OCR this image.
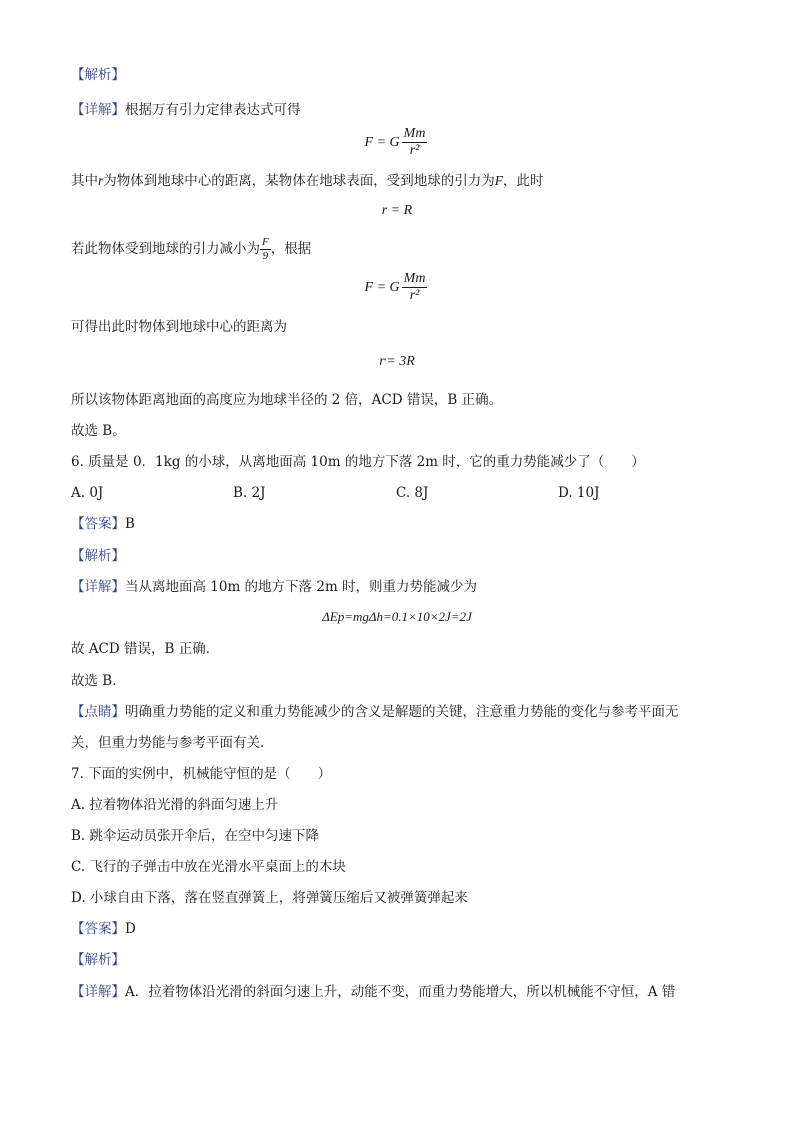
【解析】
【详解】根据万有引力定律表达式可得
F = G $\frac{Mm}{\text{r²}}$
其中r为物体到地球中心的距离，某物体在地球表面，受到地球的引力为F，此时
r = R
若此物体受到地球的引力减小为 $\frac{F}{9}$ ，根据
F = G $\frac{Mm}{\text{r²}}$
可得出此时物体到地球中心的距离为
r ' = 3R
所以该物体距离地面的高度应为地球半径的 2 倍，ACD 错误，B 正确。
故选 B。
6. 质量是 0．1kg 的小球，从离地面高 10m 的地方下落 2m 时，它的重力势能减少了（　　）
A. 0J	B. 2J	C. 8J	D. 10J
【答案】B
【解析】
【详解】当从离地面高 10m 的地方下落 2m 时，则重力势能减少为
ΔEp=mgΔh=0.1×10×2J=2J
故 ACD 错误，B 正确．
故选 B．
【点睛】明确重力势能的定义和重力势能减少的含义是解题的关键，注意重力势能的变化与参考平面无
关，但重力势能与参考平面有关．
7. 下面的实例中，机械能守恒的是（　　）
A. 拉着物体沿光滑的斜面匀速上升
B. 跳伞运动员张开伞后，在空中匀速下降
C. 飞行的子弹击中放在光滑水平桌面上的木块
D. 小球自由下落，落在竖直弹簧上，将弹簧压缩后又被弹簧弹起来
【答案】D
【解析】
【详解】A．拉着物体沿光滑的斜面匀速上升，动能不变，而重力势能增大，所以机械能不守恒，A 错
